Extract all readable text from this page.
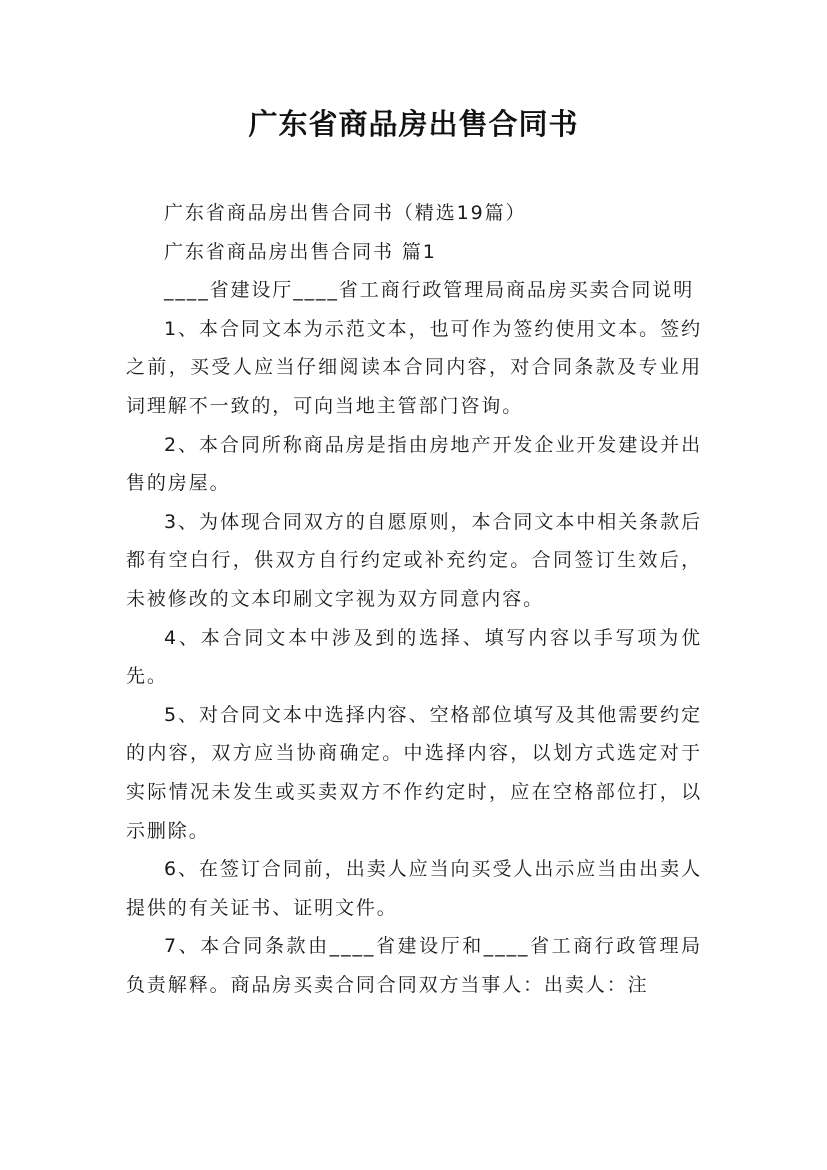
广东省商品房出售合同书

广东省商品房出售合同书（精选19篇）

广东省商品房出售合同书 篇1

____省建设厅____省工商行政管理局商品房买卖合同说明

1、本合同文本为示范文本，也可作为签约使用文本。签约之前，买受人应当仔细阅读本合同内容，对合同条款及专业用词理解不一致的，可向当地主管部门咨询。

2、本合同所称商品房是指由房地产开发企业开发建设并出售的房屋。

3、为体现合同双方的自愿原则，本合同文本中相关条款后都有空白行，供双方自行约定或补充约定。合同签订生效后，未被修改的文本印刷文字视为双方同意内容。

4、本合同文本中涉及到的选择、填写内容以手写项为优先。

5、对合同文本中选择内容、空格部位填写及其他需要约定的内容，双方应当协商确定。中选择内容，以划方式选定对于实际情况未发生或买卖双方不作约定时，应在空格部位打，以示删除。

6、在签订合同前，出卖人应当向买受人出示应当由出卖人提供的有关证书、证明文件。

7、本合同条款由____省建设厅和____省工商行政管理局负责解释。商品房买卖合同合同双方当事人：出卖人：注
